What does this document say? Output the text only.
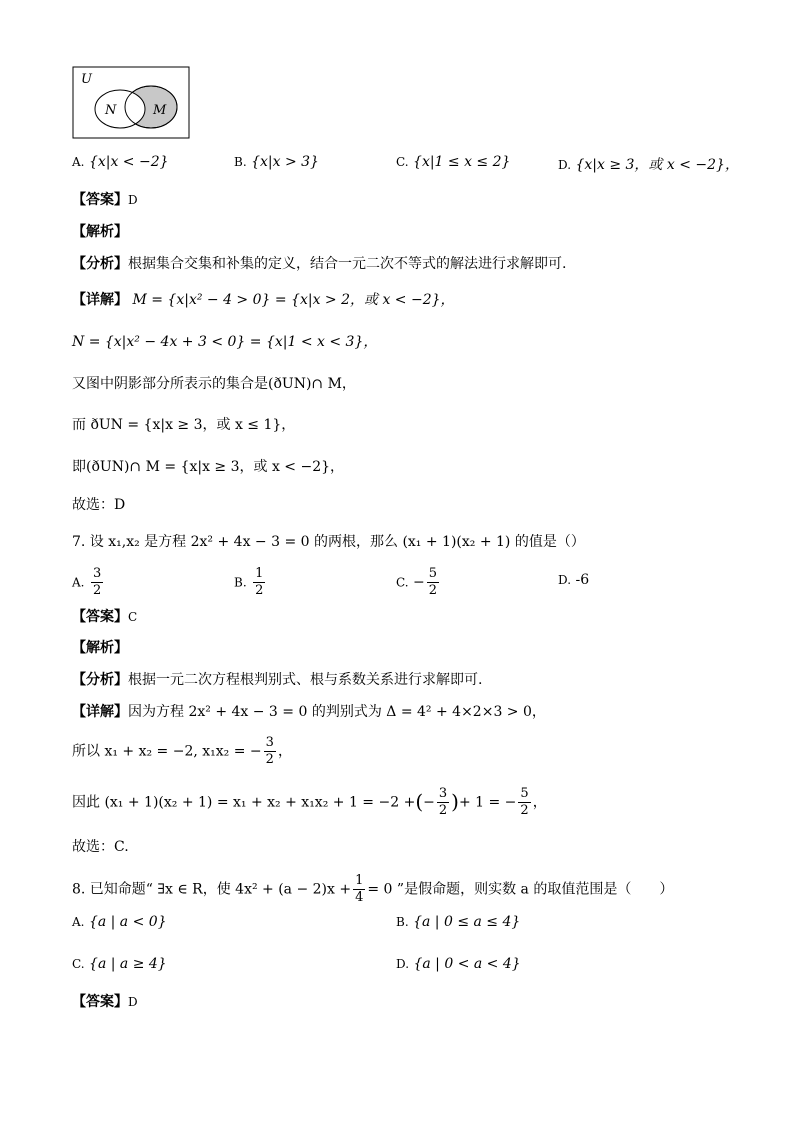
U
N	M
A. {x|x < −2}	B. {x|x > 3}	C. {x|1 ≤ x ≤ 2}	D. {x|x ≥ 3，或 x < −2}，
【答案】D
【解析】
【分析】根据集合交集和补集的定义，结合一元二次不等式的解法进行求解即可.
【详解】 M = {x|x² − 4 > 0} = {x|x > 2，或 x < −2}，
N = {x|x² − 4x + 3 < 0} = {x|1 < x < 3}，
又图中阴影部分所表示的集合是(ðUN)∩ M，
而 ðUN = {x|x ≥ 3，或 x ≤ 1}，
即(ðUN)∩ M = {x|x ≥ 3，或 x < −2}，
故选：D
7. 设 x₁,x₂ 是方程 2x² + 4x − 3 = 0 的两根，那么 (x₁ + 1)(x₂ + 1) 的值是（）
A. $\frac{3}{2}$	B. $\frac{1}{2}$	C. − $\frac{5}{2}$	D. -6
【答案】C
【解析】
【分析】根据一元二次方程根判别式、根与系数关系进行求解即可.
【详解】因为方程 2x² + 4x − 3 = 0 的判别式为 Δ = 4² + 4×2×3 > 0，
所以 x₁ + x₂ = −2, x₁x₂ = − $\frac{3}{2}$ ，
因此 (x₁ + 1)(x₂ + 1) = x₁ + x₂ + x₁x₂ + 1 = −2 +(− $\frac{3}{2}$ )+ 1 = − $\frac{5}{2}$ ，
故选：C.
8. 已知命题“ ∃x ∈ R，使 $4x^2 + (a - 2)x + \frac{1}{4} = 0$ ”是假命题，则实数 a 的取值范围是（　　）
A. {a | a < 0}	B. {a | 0 ≤ a ≤ 4}
C. {a | a ≥ 4}	D. {a | 0 < a < 4}
【答案】D
